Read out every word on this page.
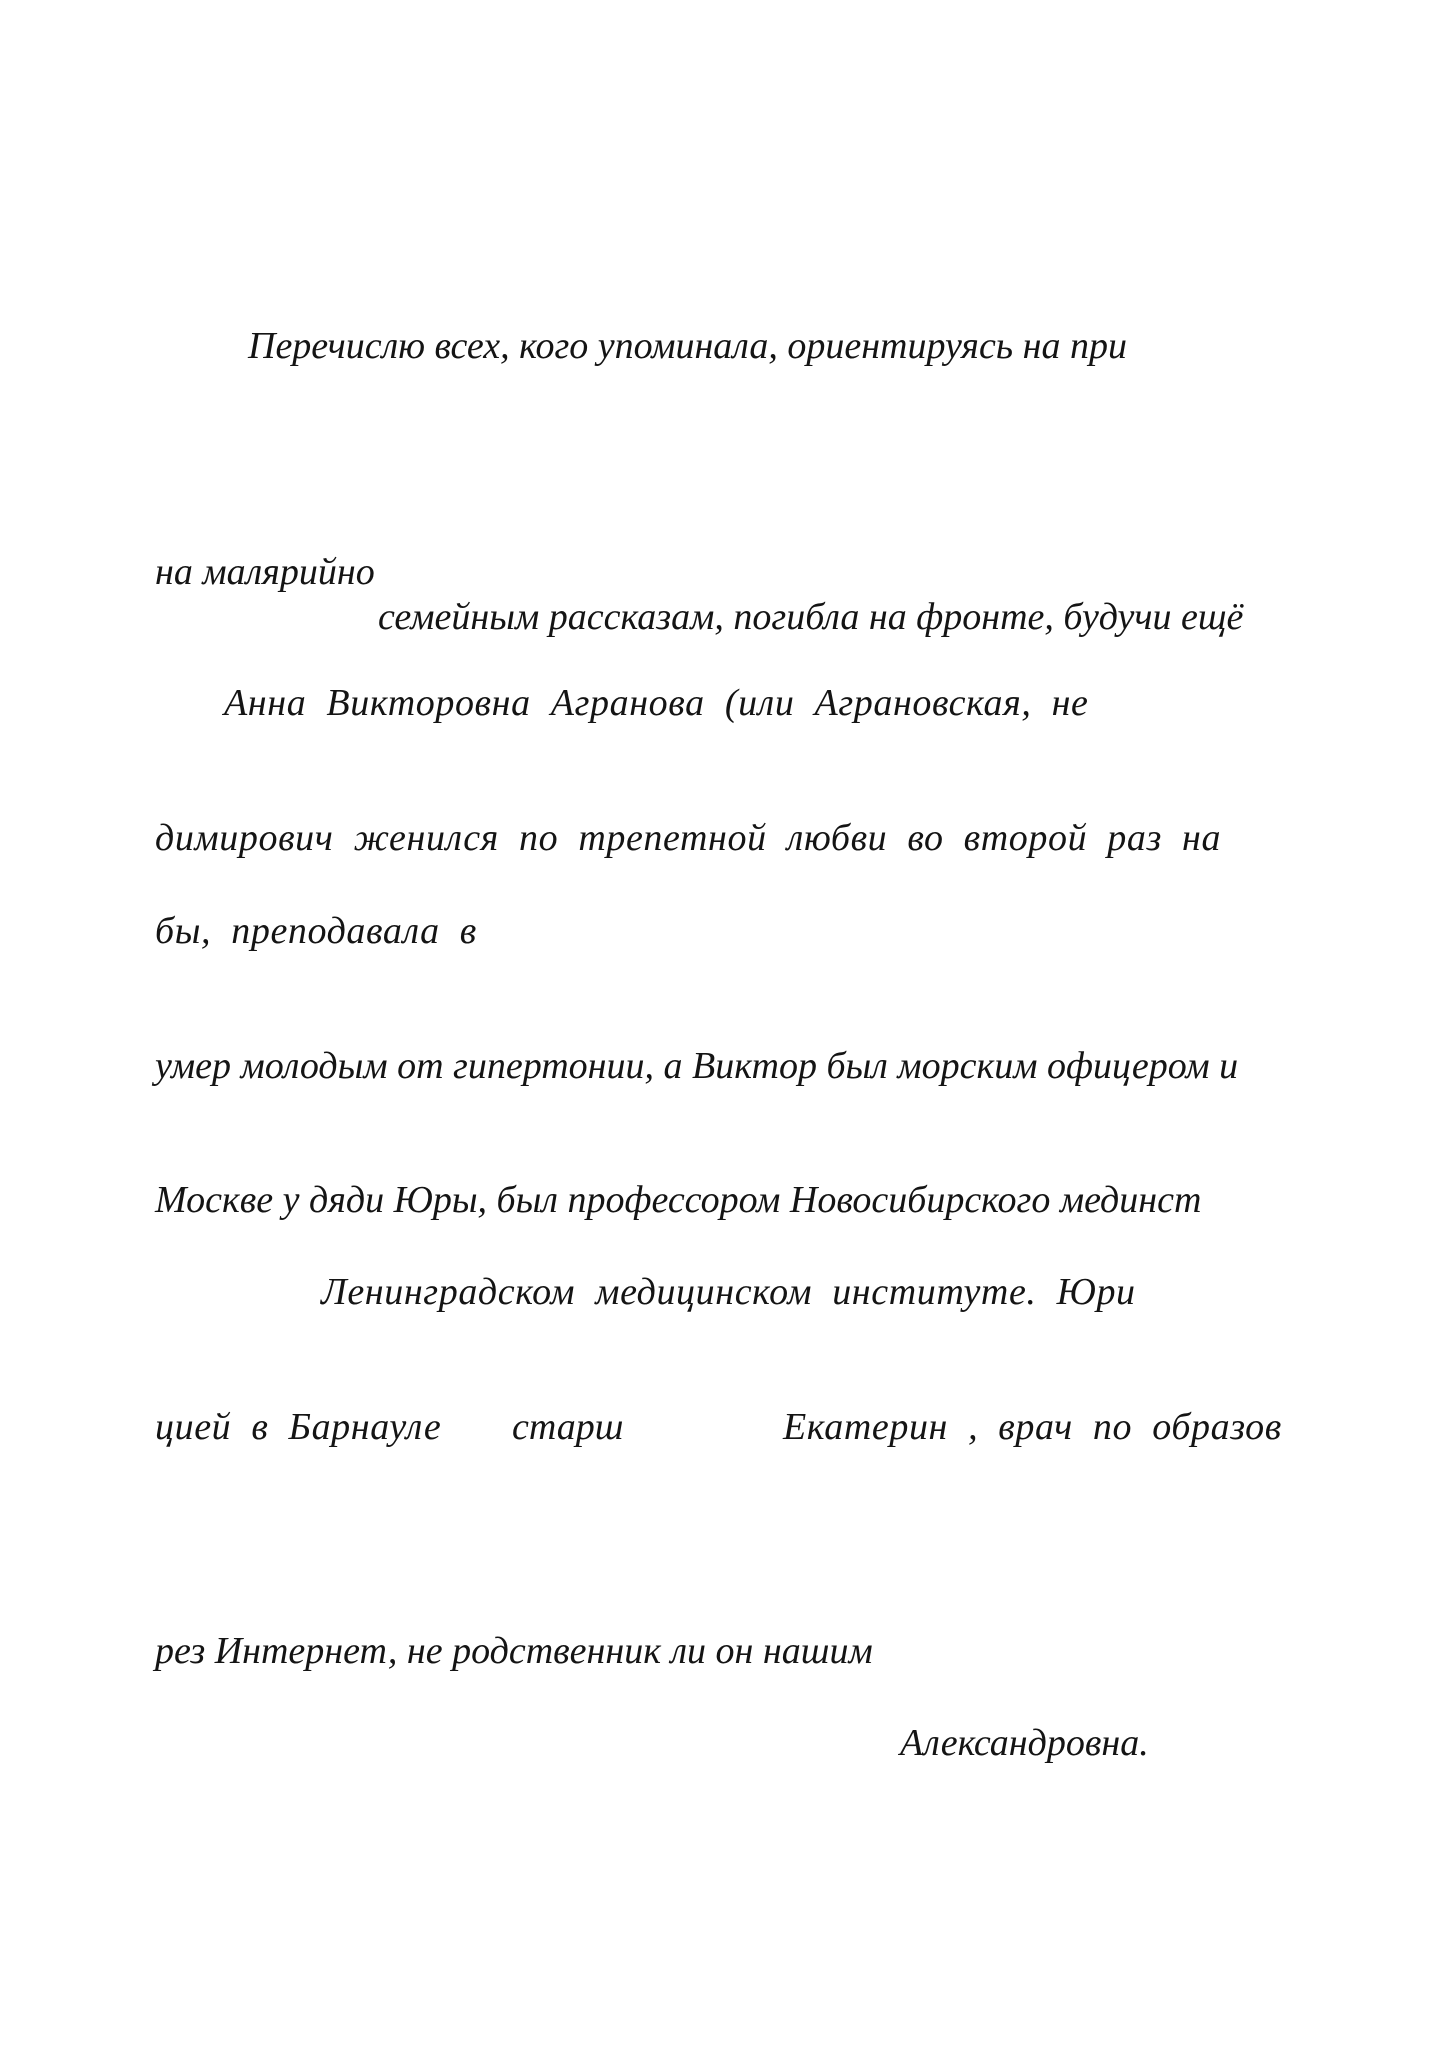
Перечислю всех, кого упоминала, ориентируясь на при

на малярийно

семейным рассказам, погибла на фронте, будучи ещё

Анна Викторовна Агранова (или Аграновская, не

димирович женился по трепетной любви во второй раз на

бы, преподавала в

умер молодым от гипертонии, а Виктор был морским офицером и

Москве у дяди Юры, был профессором Новосибирского мединст

Ленинградском медицинском институте. Юри

цией в Барнауле старш	Екатерин , врач по образов

рез Интернет, не родственник ли он нашим

Александровна.
